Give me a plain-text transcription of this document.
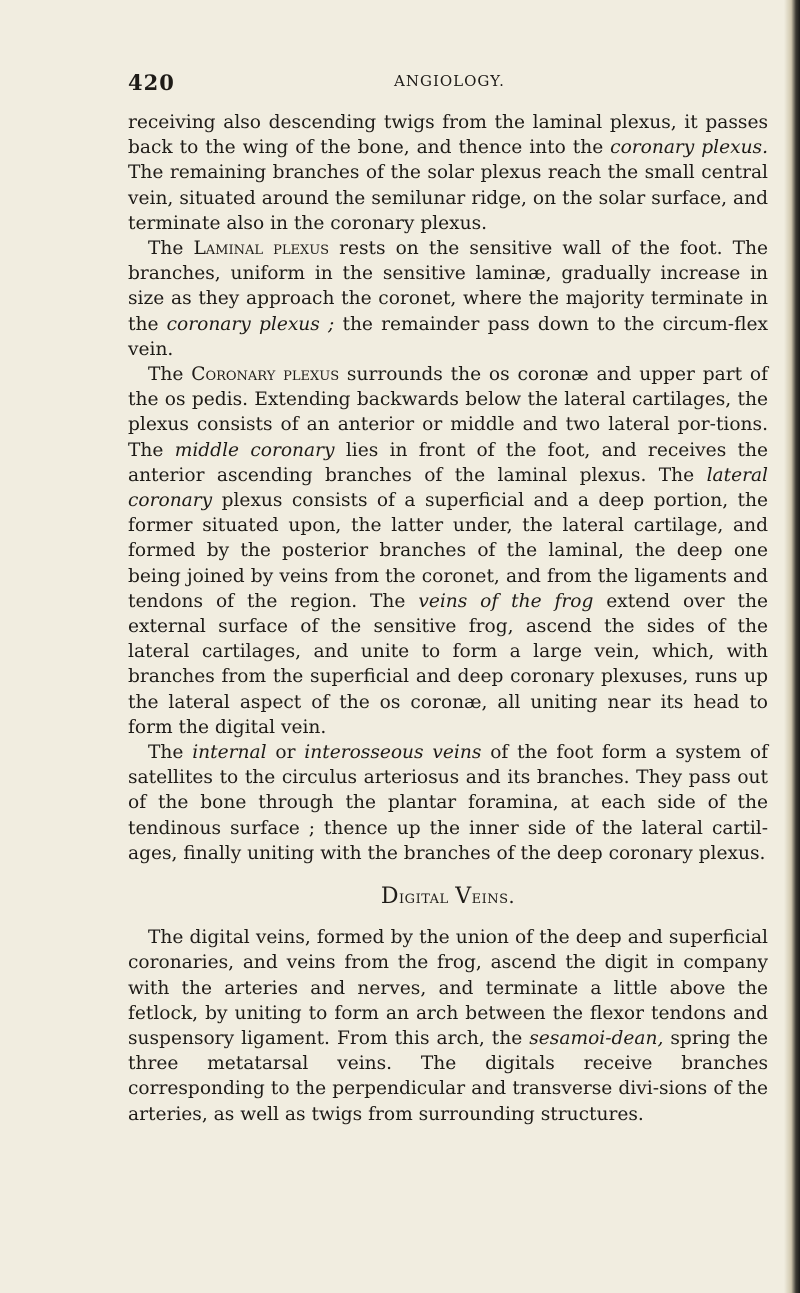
420	ANGIOLOGY.

receiving also descending twigs from the laminal plexus, it passes back to the wing of the bone, and thence into the coronary plexus. The remaining branches of the solar plexus reach the small central vein, situated around the semilunar ridge, on the solar surface, and terminate also in the coronary plexus.

The Laminal plexus rests on the sensitive wall of the foot. The branches, uniform in the sensitive laminæ, gradually increase in size as they approach the coronet, where the majority terminate in the coronary plexus ; the remainder pass down to the circum-flex vein.

The Coronary plexus surrounds the os coronæ and upper part of the os pedis. Extending backwards below the lateral cartilages, the plexus consists of an anterior or middle and two lateral por-tions. The middle coronary lies in front of the foot, and receives the anterior ascending branches of the laminal plexus. The lateral coronary plexus consists of a superficial and a deep portion, the former situated upon, the latter under, the lateral cartilage, and formed by the posterior branches of the laminal, the deep one being joined by veins from the coronet, and from the ligaments and tendons of the region. The veins of the frog extend over the external surface of the sensitive frog, ascend the sides of the lateral cartilages, and unite to form a large vein, which, with branches from the superficial and deep coronary plexuses, runs up the lateral aspect of the os coronæ, all uniting near its head to form the digital vein.

The internal or interosseous veins of the foot form a system of satellites to the circulus arteriosus and its branches. They pass out of the bone through the plantar foramina, at each side of the tendinous surface ; thence up the inner side of the lateral cartil-ages, finally uniting with the branches of the deep coronary plexus.

Digital Veins.

The digital veins, formed by the union of the deep and superficial coronaries, and veins from the frog, ascend the digit in company with the arteries and nerves, and terminate a little above the fetlock, by uniting to form an arch between the flexor tendons and suspensory ligament. From this arch, the sesamoi-dean, spring the three metatarsal veins. The digitals receive branches corresponding to the perpendicular and transverse divi-sions of the arteries, as well as twigs from surrounding structures.
